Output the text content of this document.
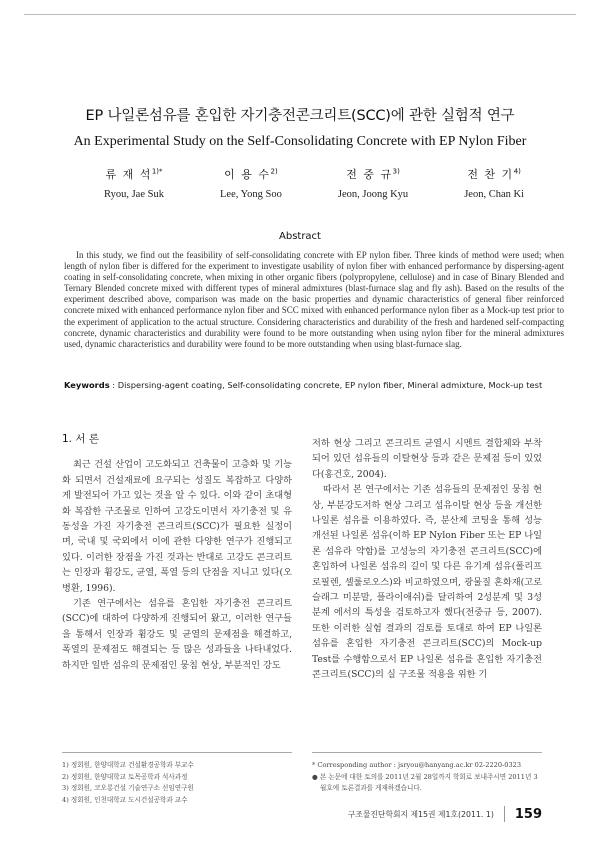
EP 나일론섬유를 혼입한 자기충전콘크리트(SCC)에 관한 실험적 연구
An Experimental Study on the Self-Consolidating Concrete with EP Nylon Fiber
류 재 석$^{1)*}$
Ryou, Jae Suk
이 용 수$^{2)}$
Lee, Yong Soo
전 중 규$^{3)}$
Jeon, Joong Kyu
전 찬 기$^{4)}$
Jeon, Chan Ki
Abstract

In this study, we find out the feasibility of self-consolidating concrete with EP nylon fiber. Three kinds of method were used; when length of nylon fiber is differed for the experiment to investigate usability of nylon fiber with enhanced performance by dispersing-agent coating in self-consolidating concrete, when mixing in other organic fibers (polypropylene, cellulose) and in case of Binary Blended and Ternary Blended concrete mixed with different types of mineral admixtures (blast-furnace slag and fly ash). Based on the results of the experiment described above, comparison was made on the basic properties and dynamic characteristics of general fiber reinforced concrete mixed with enhanced performance nylon fiber and SCC mixed with enhanced performance nylon fiber as a Mock-up test prior to the experiment of application to the actual structure. Considering characteristics and durability of the fresh and hardened self-compacting concrete, dynamic characteristics and durability were found to be more outstanding when using nylon fiber for the mineral admixtures used, dynamic characteristics and durability were found to be more outstanding when using blast-furnace slag.

Keywords : Dispersing-agent coating, Self-consolidating concrete, EP nylon fiber, Mineral admixture, Mock-up test
1. 서 론

최근 건설 산업이 고도화되고 건축물이 고층화 및 기능화 되면서 건설재료에 요구되는 성질도 복잡하고 다양하게 발전되어 가고 있는 것을 알 수 있다. 이와 같이 초대형화 복잡한 구조물로 인하여 고강도이면서 자기충전 및 유동성을 가진 자기충전 콘크리트(SCC)가 필요한 실정이며, 국내 및 국외에서 이에 관한 다양한 연구가 진행되고 있다. 이러한 장점을 가진 것과는 반대로 고강도 콘크리트는 인장과 휨강도, 균열, 폭열 등의 단점을 지니고 있다(오병환, 1996).

기존 연구에서는 섬유를 혼입한 자기충전 콘크리트(SCC)에 대하여 다양하게 진행되어 왔고, 이러한 연구들을 통해서 인장과 휨강도 및 균열의 문제점을 해결하고, 폭열의 문제점도 해결되는 등 많은 성과들을 나타내었다. 하지만 일반 섬유의 문제점인 뭉침 현상, 부분적인 강도

저하 현상 그리고 콘크리트 균열시 시멘트 결합체와 부착되어 있던 섬유들의 이탈현상 등과 같은 문제점 등이 있었다(홍건호, 2004).

따라서 본 연구에서는 기존 섬유들의 문제점인 뭉침 현상, 부분강도저하 현상 그리고 섬유이탈 현상 등을 개선한 나일론 섬유를 이용하였다. 즉, 분산제 코팅을 통해 성능 개선된 나일론 섬유(이하 EP Nylon Fiber 또는 EP 나일론 섬유라 약함)를 고성능의 자기충전 콘크리트(SCC)에 혼입하여 나일론 섬유의 길이 및 다른 유기계 섬유(폴리프로필렌, 셀룰로오스)와 비교하였으며, 광물질 혼화재(고로슬래그 미분말, 플라이애쉬)를 달리하여 2성분계 및 3성분계 에서의 특성을 검토하고자 했다(전중규 등, 2007). 또한 이러한 실험 결과의 검토를 토대로 하여 EP 나일론 섬유를 혼입한 자기충전 콘크리트(SCC)의 Mock-up Test를 수행함으로서 EP 나일론 섬유를 혼입한 자기충전 콘크리트(SCC)의 실 구조물 적용을 위한 기

1) 정회원, 한양대학교 건설환경공학과 부교수
2) 정회원, 한양대학교 토목공학과 석사과정
3) 정회원, 코오롱건설 기술연구소 선임연구원
4) 정회원, 인천대학교 도시건설공학과 교수
* Corresponding author : jsryou@hanyang.ac.kr 02-2220-0323
● 본 논문에 대한 토의를 2011년 2월 28일까지 학회로 보내주시면 2011년 3월호에 토론결과를 게재하겠습니다.
구조물진단학회지 제15권 제1호(2011. 1) 159
